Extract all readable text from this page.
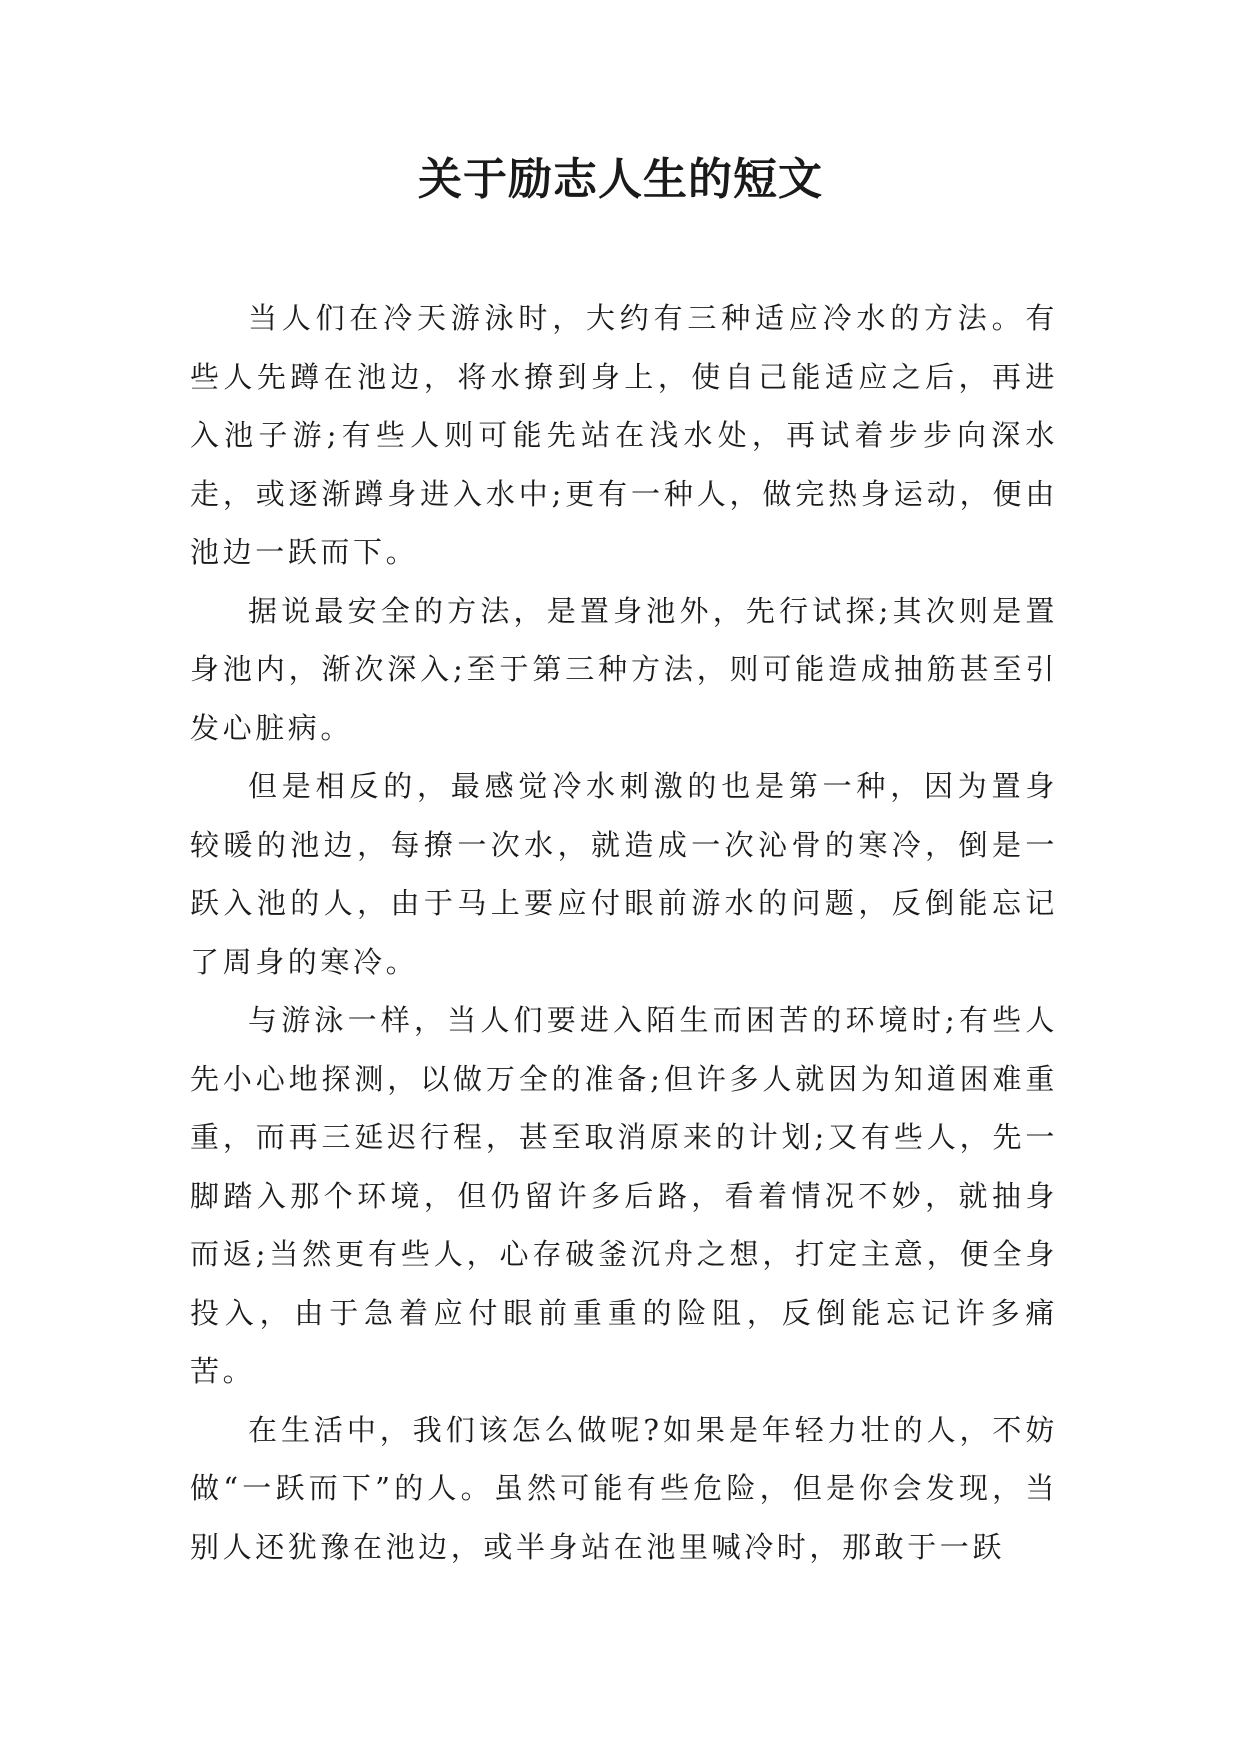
关于励志人生的短文

当人们在冷天游泳时，大约有三种适应冷水的方法。有些人先蹲在池边，将水撩到身上，使自己能适应之后，再进入池子游;有些人则可能先站在浅水处，再试着步步向深水走，或逐渐蹲身进入水中;更有一种人，做完热身运动，便由池边一跃而下。

据说最安全的方法，是置身池外，先行试探;其次则是置身池内，渐次深入;至于第三种方法，则可能造成抽筋甚至引发心脏病。

但是相反的，最感觉冷水刺激的也是第一种，因为置身较暖的池边，每撩一次水，就造成一次沁骨的寒冷，倒是一跃入池的人，由于马上要应付眼前游水的问题，反倒能忘记了周身的寒冷。

与游泳一样，当人们要进入陌生而困苦的环境时;有些人先小心地探测，以做万全的准备;但许多人就因为知道困难重重，而再三延迟行程，甚至取消原来的计划;又有些人，先一脚踏入那个环境，但仍留许多后路，看着情况不妙，就抽身而返;当然更有些人，心存破釜沉舟之想，打定主意，便全身投入，由于急着应付眼前重重的险阻，反倒能忘记许多痛苦。

在生活中，我们该怎么做呢?如果是年轻力壮的人，不妨做“一跃而下”的人。虽然可能有些危险，但是你会发现，当别人还犹豫在池边，或半身站在池里喊冷时，那敢于一跃
